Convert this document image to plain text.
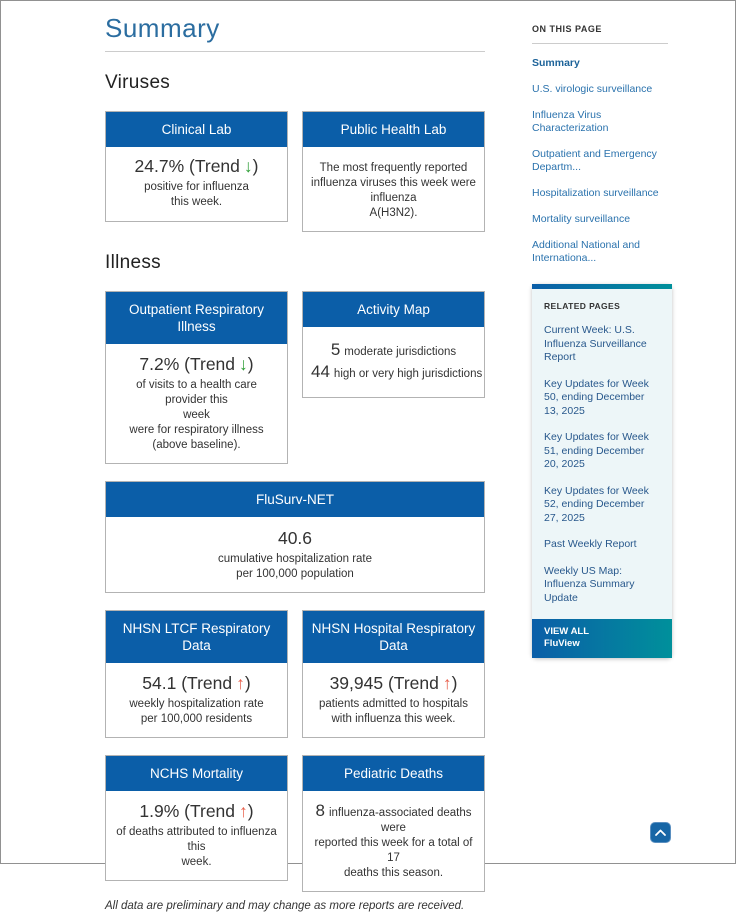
Summary
Viruses
Clinical Lab
24.7% (Trend ↓)
positive for influenza
this week.
Public Health Lab
The most frequently reported
influenza viruses this week were
influenza
A(H3N2).
Illness
Outpatient Respiratory Illness
7.2% (Trend ↓)
of visits to a health care provider this
week
were for respiratory illness
(above baseline).
Activity Map
5 moderate jurisdictions
44 high or very high jurisdictions
FluSurv-NET
40.6
cumulative hospitalization rate
per 100,000 population
NHSN LTCF Respiratory Data
54.1 (Trend ↑)
weekly hospitalization rate
per 100,000 residents
NHSN Hospital Respiratory Data
39,945 (Trend ↑)
patients admitted to hospitals
with influenza this week.
NCHS Mortality
1.9% (Trend ↑)
of deaths attributed to influenza this
week.
Pediatric Deaths
8 influenza-associated deaths were
reported this week for a total of 17
deaths this season.
All data are preliminary and may change as more reports are received.
ON THIS PAGE
Summary
U.S. virologic surveillance
Influenza Virus Characterization
Outpatient and Emergency Departm...
Hospitalization surveillance
Mortality surveillance
Additional National and Internationa...
RELATED PAGES
Current Week: U.S. Influenza Surveillance Report
Key Updates for Week 50, ending December 13, 2025
Key Updates for Week 51, ending December 20, 2025
Key Updates for Week 52, ending December 27, 2025
Past Weekly Report
Weekly US Map: Influenza Summary Update
VIEW ALL
FluView
